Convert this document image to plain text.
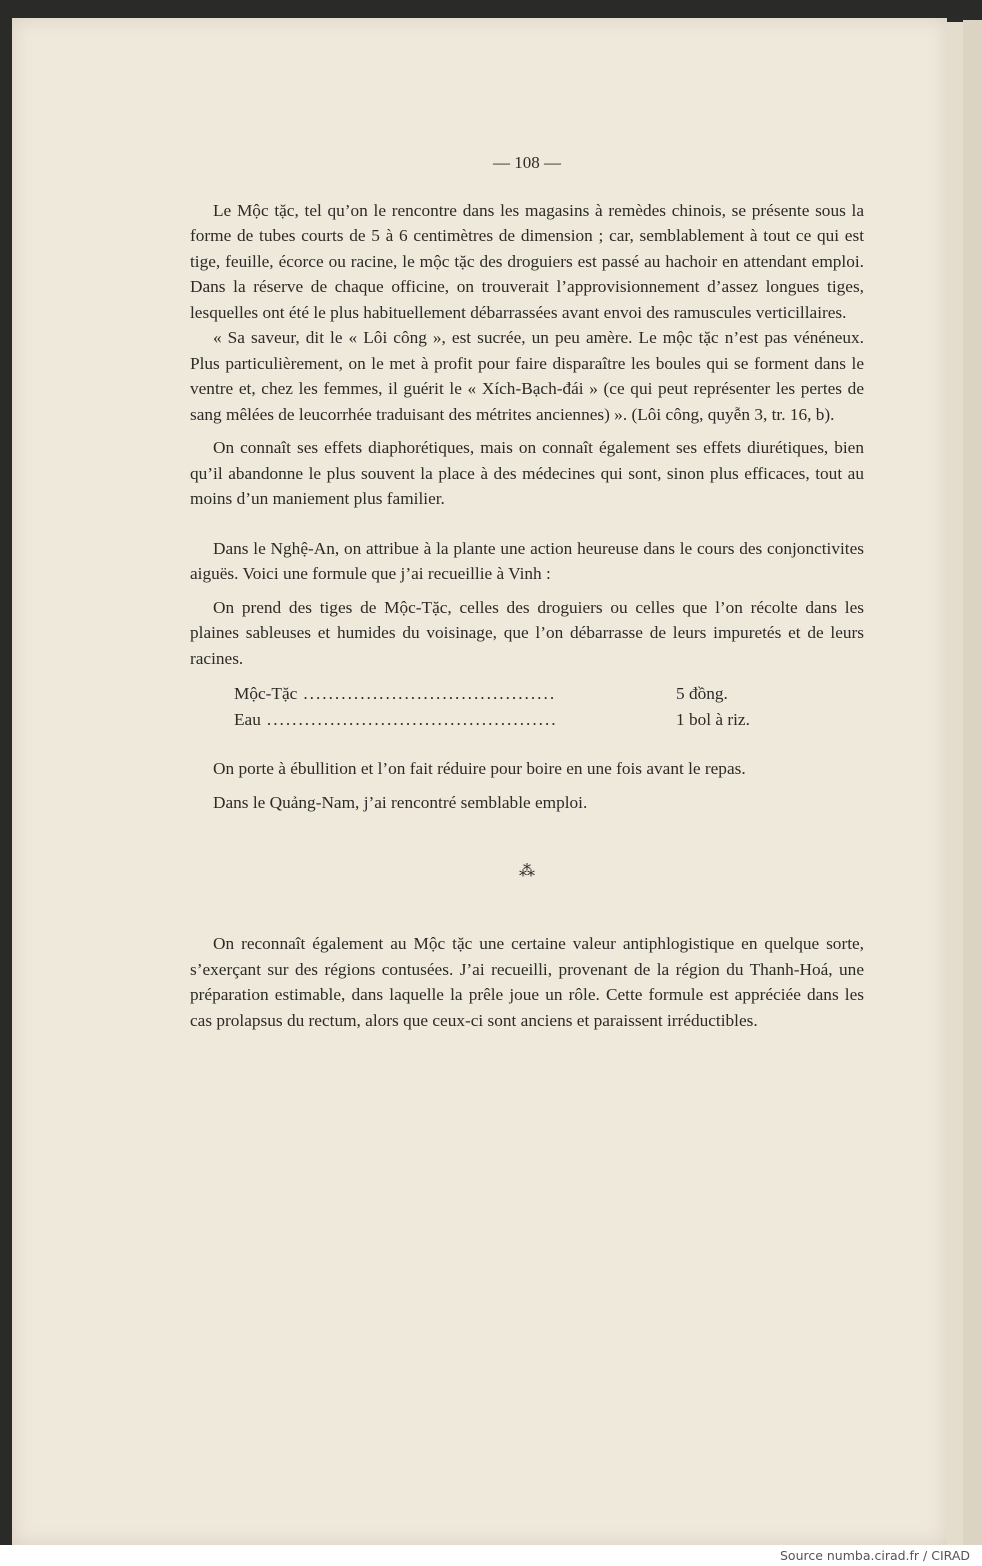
— 108 —

Le Mộc tặc, tel qu’on le rencontre dans les magasins à remèdes chinois, se présente sous la forme de tubes courts de 5 à 6 centimètres de dimension ; car, semblablement à tout ce qui est tige, feuille, écorce ou racine, le mộc tặc des droguiers est passé au hachoir en attendant emploi. Dans la réserve de chaque officine, on trouverait l’approvisionnement d’assez longues tiges, lesquelles ont été le plus habituellement débarrassées avant envoi des ramuscules verticillaires.

« Sa saveur, dit le « Lôi công », est sucrée, un peu amère. Le mộc tặc n’est pas vénéneux. Plus particulièrement, on le met à profit pour faire disparaître les boules qui se forment dans le ventre et, chez les femmes, il guérit le « Xích-Bạch-đái » (ce qui peut représenter les pertes de sang mêlées de leucorrhée traduisant des métrites anciennes) ». (Lôi công, quyễn 3, tr. 16, b).

On connaît ses effets diaphorétiques, mais on connaît également ses effets diurétiques, bien qu’il abandonne le plus souvent la place à des médecines qui sont, sinon plus efficaces, tout au moins d’un maniement plus familier.

Dans le Nghệ-An, on attribue à la plante une action heureuse dans le cours des conjonctivites aiguës. Voici une formule que j’ai recueillie à Vinh :

On prend des tiges de Mộc-Tặc, celles des droguiers ou celles que l’on récolte dans les plaines sableuses et humides du voisinage, que l’on débarrasse de leurs impuretés et de leurs racines.

Mộc-Tặc ........................................	5 đồng.
Eau ..............................................	1 bol à riz.

On porte à ébullition et l’on fait réduire pour boire en une fois avant le repas.

Dans le Quảng-Nam, j’ai rencontré semblable emploi.

⁂

On reconnaît également au Mộc tặc une certaine valeur antiphlogistique en quelque sorte, s’exerçant sur des régions contusées. J’ai recueilli, provenant de la région du Thanh-Hoá, une préparation estimable, dans laquelle la prêle joue un rôle. Cette formule est appréciée dans les cas prolapsus du rectum, alors que ceux-ci sont anciens et paraissent irréductibles.

Source numba.cirad.fr / CIRAD
